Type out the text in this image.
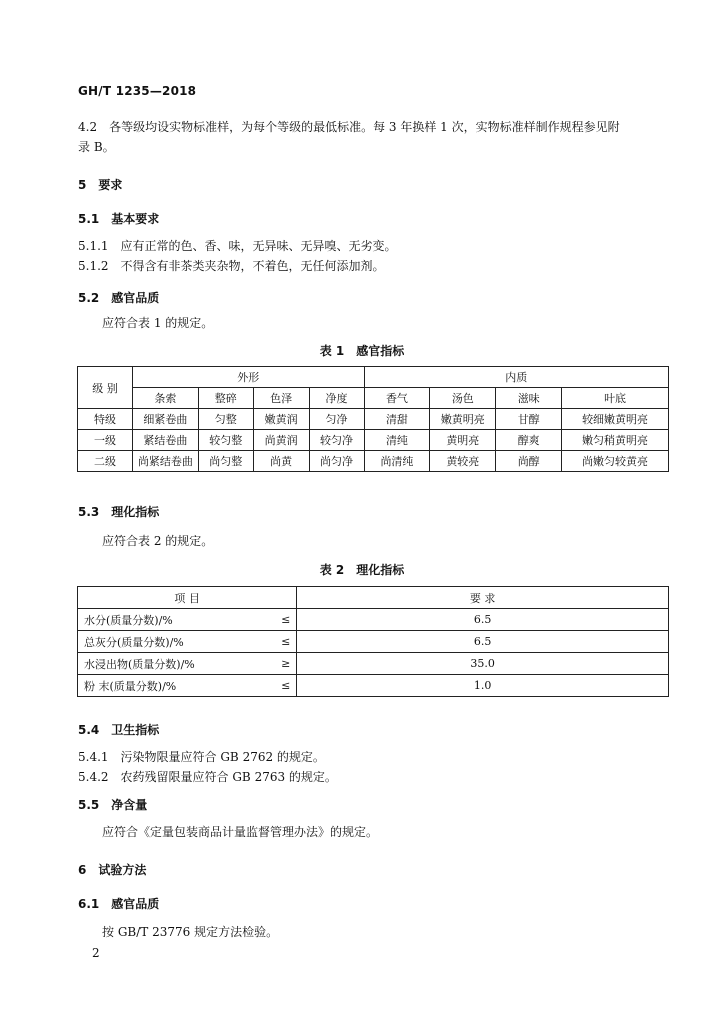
GH/T 1235—2018
4.2　各等级均设实物标准样，为每个等级的最低标准。每 3 年换样 1 次，实物标准样制作规程参见附
录 B。
5　要求
5.1　基本要求
5.1.1　应有正常的色、香、味，无异味、无异嗅、无劣变。
5.1.2　不得含有非茶类夹杂物，不着色，无任何添加剂。
5.2　感官品质
应符合表 1 的规定。
表 1　感官指标
级 别	外形				内质			
	条索	整碎	色泽	净度	香气	汤色	滋味	叶底
特级	细紧卷曲	匀整	嫩黄润	匀净	清甜	嫩黄明亮	甘醇	较细嫩黄明亮
一级	紧结卷曲	较匀整	尚黄润	较匀净	清纯	黄明亮	醇爽	嫩匀稍黄明亮
二级	尚紧结卷曲	尚匀整	尚黄	尚匀净	尚清纯	黄较亮	尚醇	尚嫩匀较黄亮
5.3　理化指标
应符合表 2 的规定。
表 2　理化指标
项 目		要 求
水分(质量分数)/%	≤	6.5
总灰分(质量分数)/%	≤	6.5
水浸出物(质量分数)/%	≥	35.0
粉 末(质量分数)/%	≤	1.0
5.4　卫生指标
5.4.1　污染物限量应符合 GB 2762 的规定。
5.4.2　农药残留限量应符合 GB 2763 的规定。
5.5　净含量
应符合《定量包装商品计量监督管理办法》的规定。
6　试验方法
6.1　感官品质
按 GB/T 23776 规定方法检验。
2
